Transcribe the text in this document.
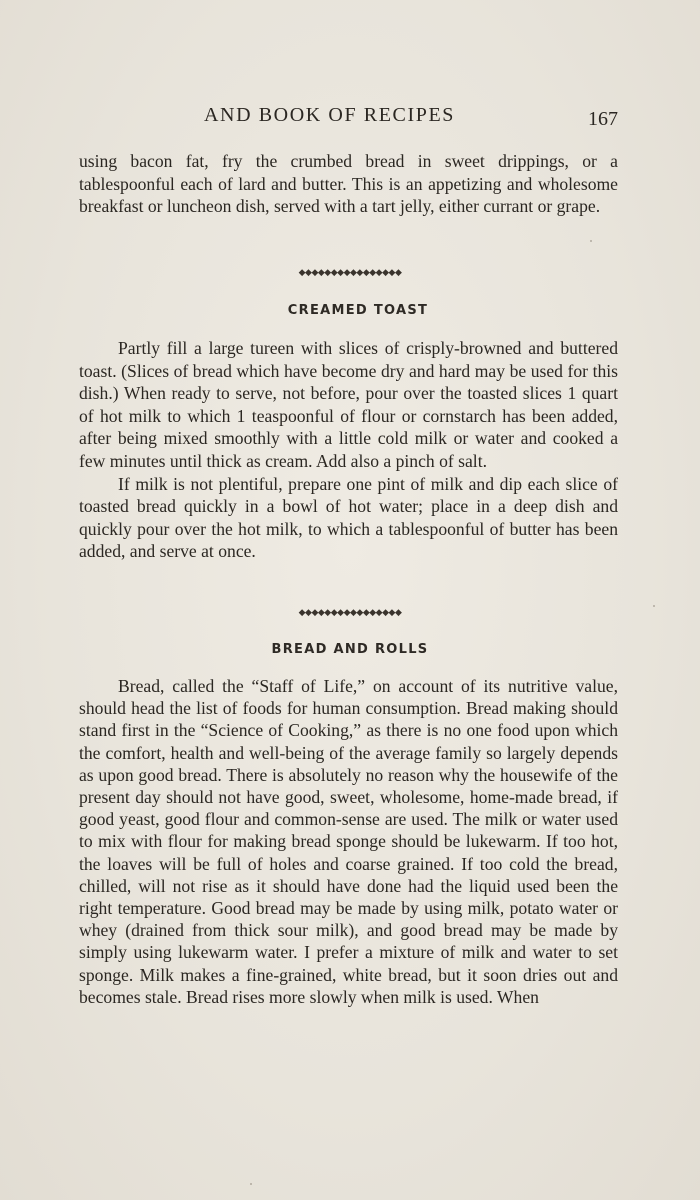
AND BOOK OF RECIPES	167

using bacon fat, fry the crumbed bread in sweet drippings, or a tablespoonful each of lard and butter. This is an appetizing and wholesome breakfast or luncheon dish, served with a tart jelly, either currant or grape.

◆◆◆◆◆◆◆◆◆◆◆◆◆◆◆◆
CREAMED TOAST

Partly fill a large tureen with slices of crisply-browned and buttered toast. (Slices of bread which have become dry and hard may be used for this dish.) When ready to serve, not before, pour over the toasted slices 1 quart of hot milk to which 1 teaspoonful of flour or cornstarch has been added, after being mixed smoothly with a little cold milk or water and cooked a few minutes until thick as cream. Add also a pinch of salt.

If milk is not plentiful, prepare one pint of milk and dip each slice of toasted bread quickly in a bowl of hot water; place in a deep dish and quickly pour over the hot milk, to which a tablespoonful of butter has been added, and serve at once.

◆◆◆◆◆◆◆◆◆◆◆◆◆◆◆◆
BREAD AND ROLLS

Bread, called the “Staff of Life,” on account of its nutritive value, should head the list of foods for human consumption. Bread making should stand first in the “Science of Cooking,” as there is no one food upon which the comfort, health and well-being of the average family so largely depends as upon good bread. There is absolutely no reason why the housewife of the present day should not have good, sweet, wholesome, home-made bread, if good yeast, good flour and common-sense are used. The milk or water used to mix with flour for making bread sponge should be lukewarm. If too hot, the loaves will be full of holes and coarse grained. If too cold the bread, chilled, will not rise as it should have done had the liquid used been the right temperature. Good bread may be made by using milk, potato water or whey (drained from thick sour milk), and good bread may be made by simply using lukewarm water. I prefer a mixture of milk and water to set sponge. Milk makes a fine-grained, white bread, but it soon dries out and becomes stale. Bread rises more slowly when milk is used. When
